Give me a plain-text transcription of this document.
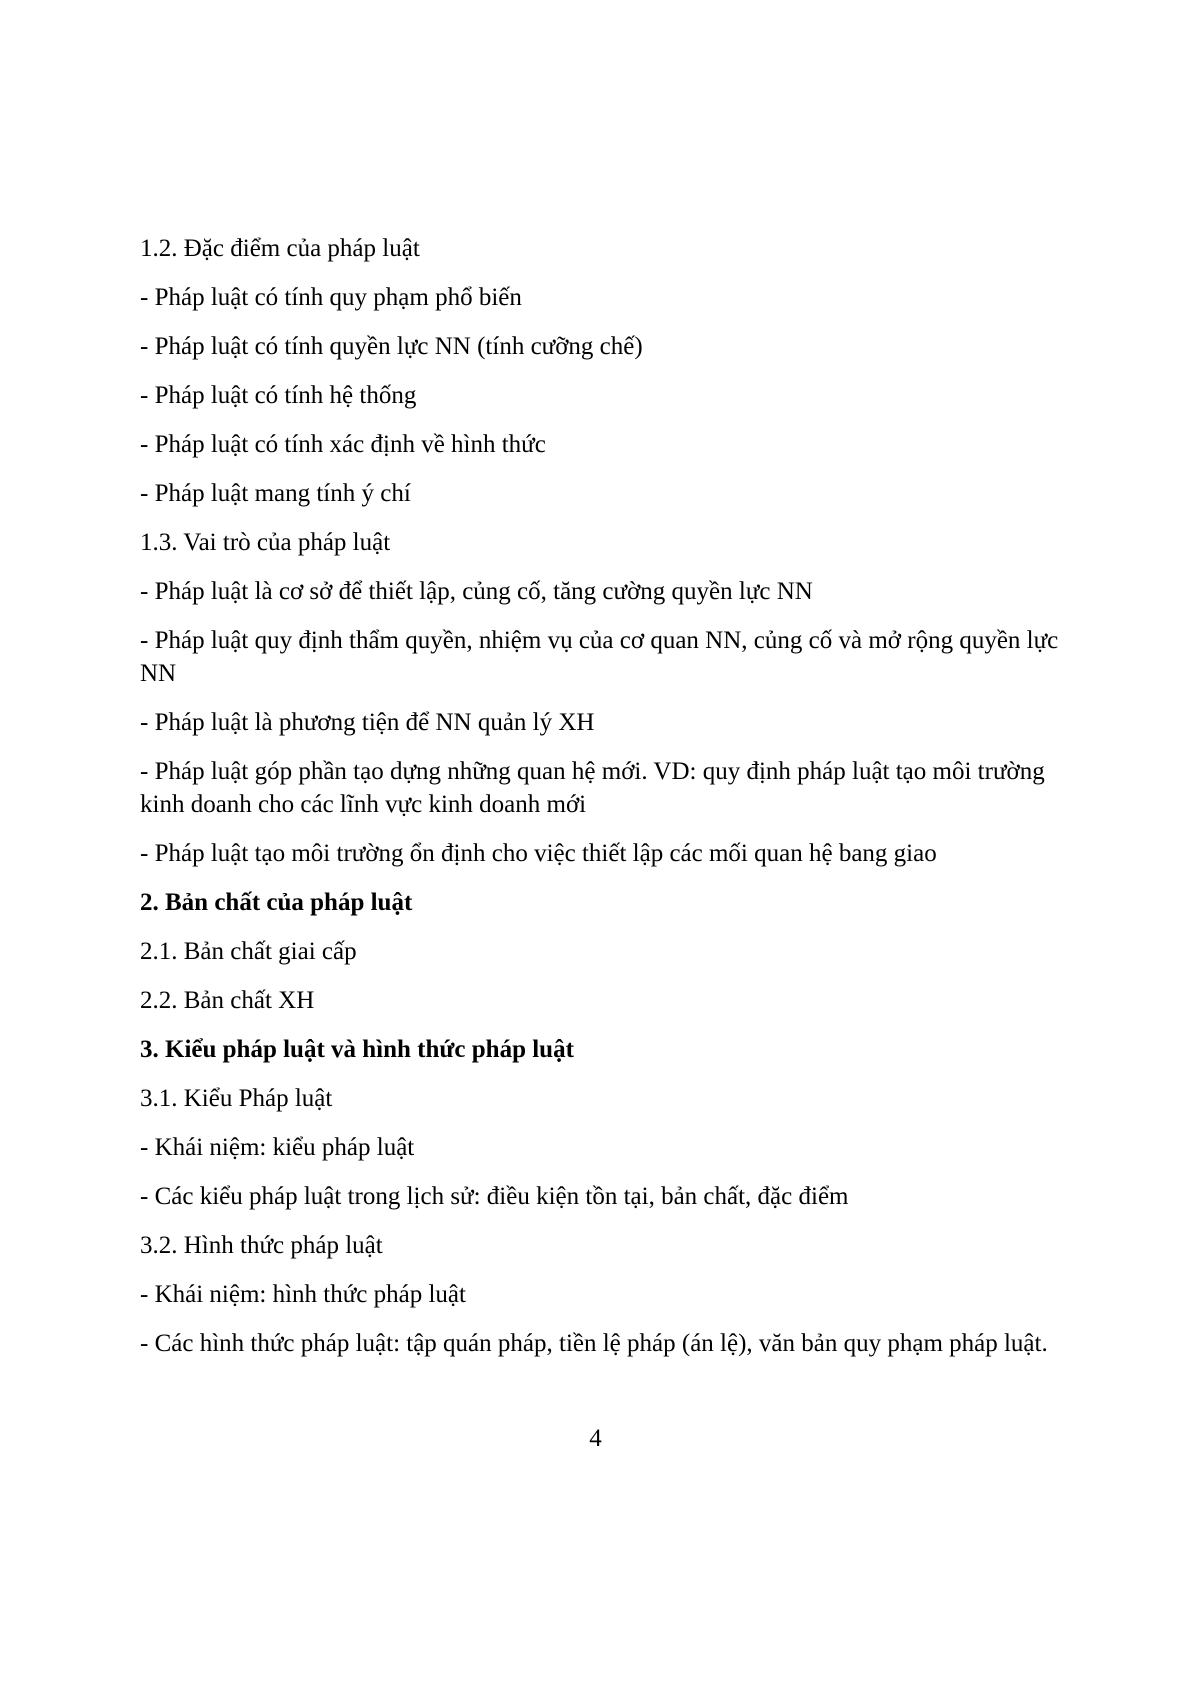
1.2. Đặc điểm của pháp luật

- Pháp luật có tính quy phạm phổ biến

- Pháp luật có tính quyền lực NN (tính cưỡng chế)

- Pháp luật có tính hệ thống

- Pháp luật có tính xác định về hình thức

- Pháp luật mang tính ý chí

1.3. Vai trò của pháp luật

- Pháp luật là cơ sở để thiết lập, củng cố, tăng cường quyền lực NN

- Pháp luật quy định thẩm quyền, nhiệm vụ của cơ quan NN, củng cố và mở rộng quyền lực NN

- Pháp luật là phương tiện để NN quản lý XH

- Pháp luật góp phần tạo dựng những quan hệ mới. VD: quy định pháp luật tạo môi trường kinh doanh cho các lĩnh vực kinh doanh mới

- Pháp luật tạo môi trường ổn định cho việc thiết lập các mối quan hệ bang giao

2. Bản chất của pháp luật

2.1. Bản chất giai cấp

2.2. Bản chất XH

3. Kiểu pháp luật và hình thức pháp luật

3.1. Kiểu Pháp luật

- Khái niệm: kiểu pháp luật

- Các kiểu pháp luật trong lịch sử: điều kiện tồn tại, bản chất, đặc điểm

3.2. Hình thức pháp luật

- Khái niệm: hình thức pháp luật

- Các hình thức pháp luật: tập quán pháp, tiền lệ pháp (án lệ), văn bản quy phạm pháp luật.

4
